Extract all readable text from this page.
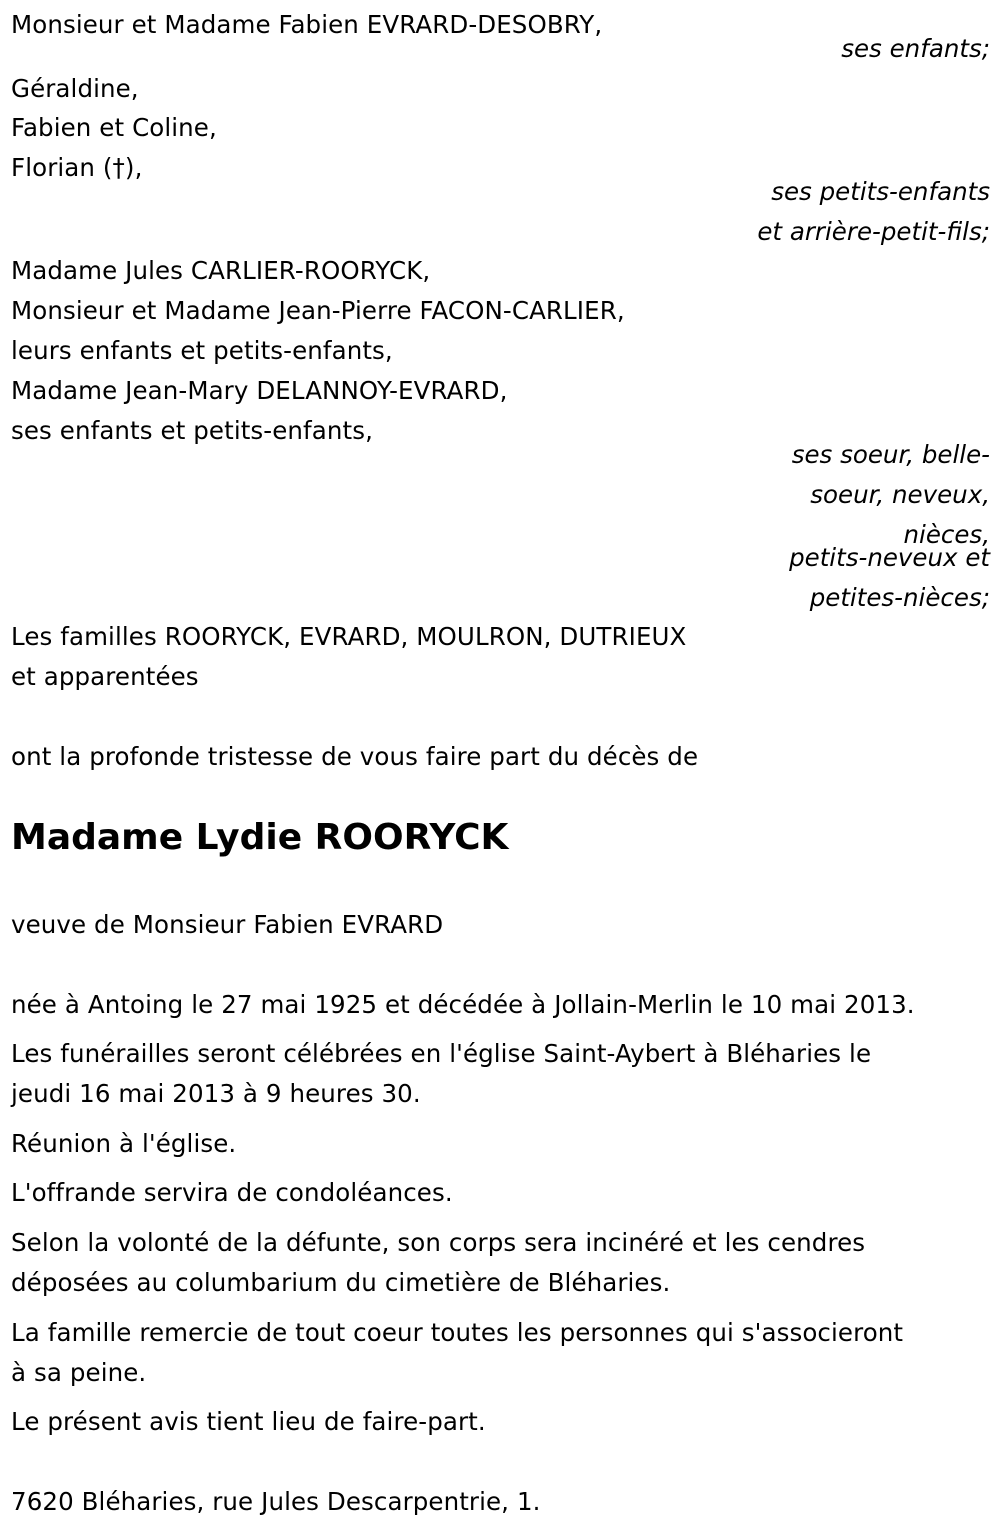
Monsieur et Madame Fabien EVRARD-DESOBRY,
ses enfants;
Géraldine,
Fabien et Coline,
Florian (†),
ses petits-enfants
et arrière-petit-fils;
Madame Jules CARLIER-ROORYCK,
Monsieur et Madame Jean-Pierre FACON-CARLIER,
leurs enfants et petits-enfants,
Madame Jean-Mary DELANNOY-EVRARD,
ses enfants et petits-enfants,
ses soeur, belle-
soeur, neveux,
nièces,
petits-neveux et
petites-nièces;
Les familles ROORYCK, EVRARD, MOULRON, DUTRIEUX
et apparentées
ont la profonde tristesse de vous faire part du décès de
Madame Lydie ROORYCK
veuve de Monsieur Fabien EVRARD
née à Antoing le 27 mai 1925 et décédée à Jollain-Merlin le 10 mai 2013.
Les funérailles seront célébrées en l'église Saint-Aybert à Bléharies le
jeudi 16 mai 2013 à 9 heures 30.
Réunion à l'église.
L'offrande servira de condoléances.
Selon la volonté de la défunte, son corps sera incinéré et les cendres
déposées au columbarium du cimetière de Bléharies.
La famille remercie de tout coeur toutes les personnes qui s'associeront
à sa peine.
Le présent avis tient lieu de faire-part.
7620 Bléharies, rue Jules Descarpentrie, 1.
